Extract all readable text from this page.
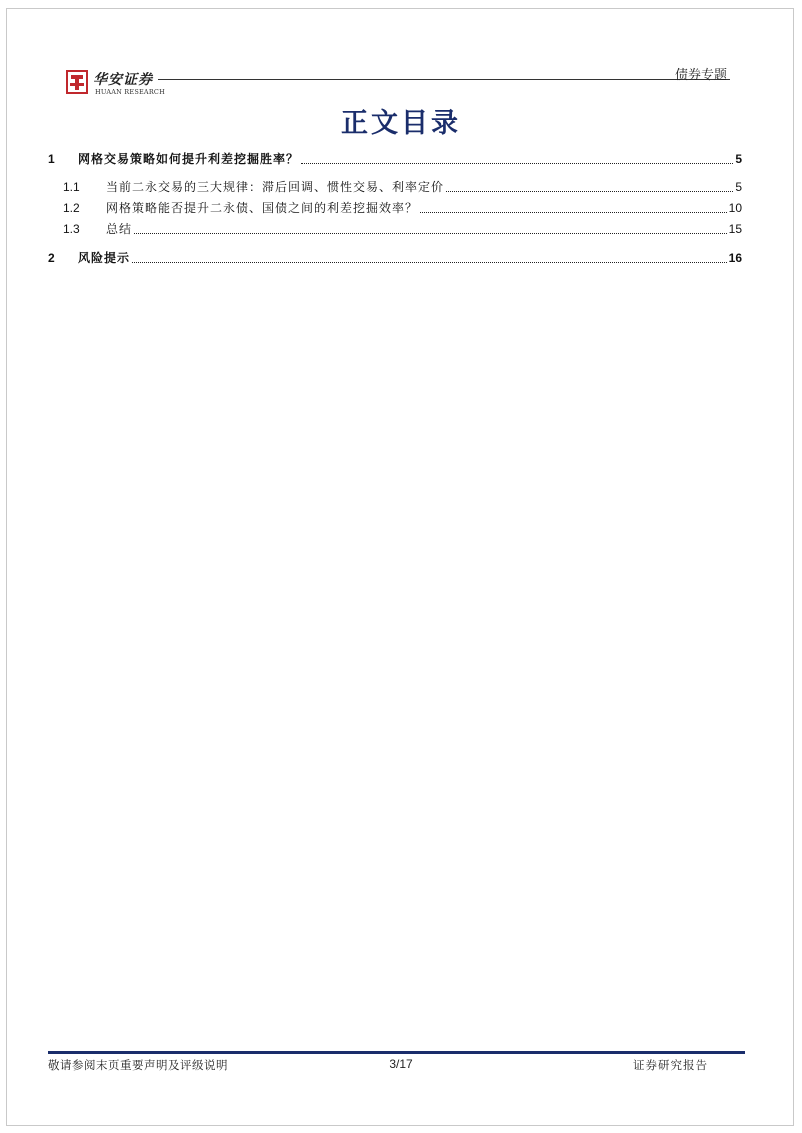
华安证券
HUAAN RESEARCH
债券专题
正文目录
1	网格交易策略如何提升利差挖掘胜率？	5
1.1	当前二永交易的三大规律：滞后回调、惯性交易、利率定价	5
1.2	网格策略能否提升二永债、国债之间的利差挖掘效率？	10
1.3	总结	15
2	风险提示	16
敬请参阅末页重要声明及评级说明	3/17	证券研究报告
